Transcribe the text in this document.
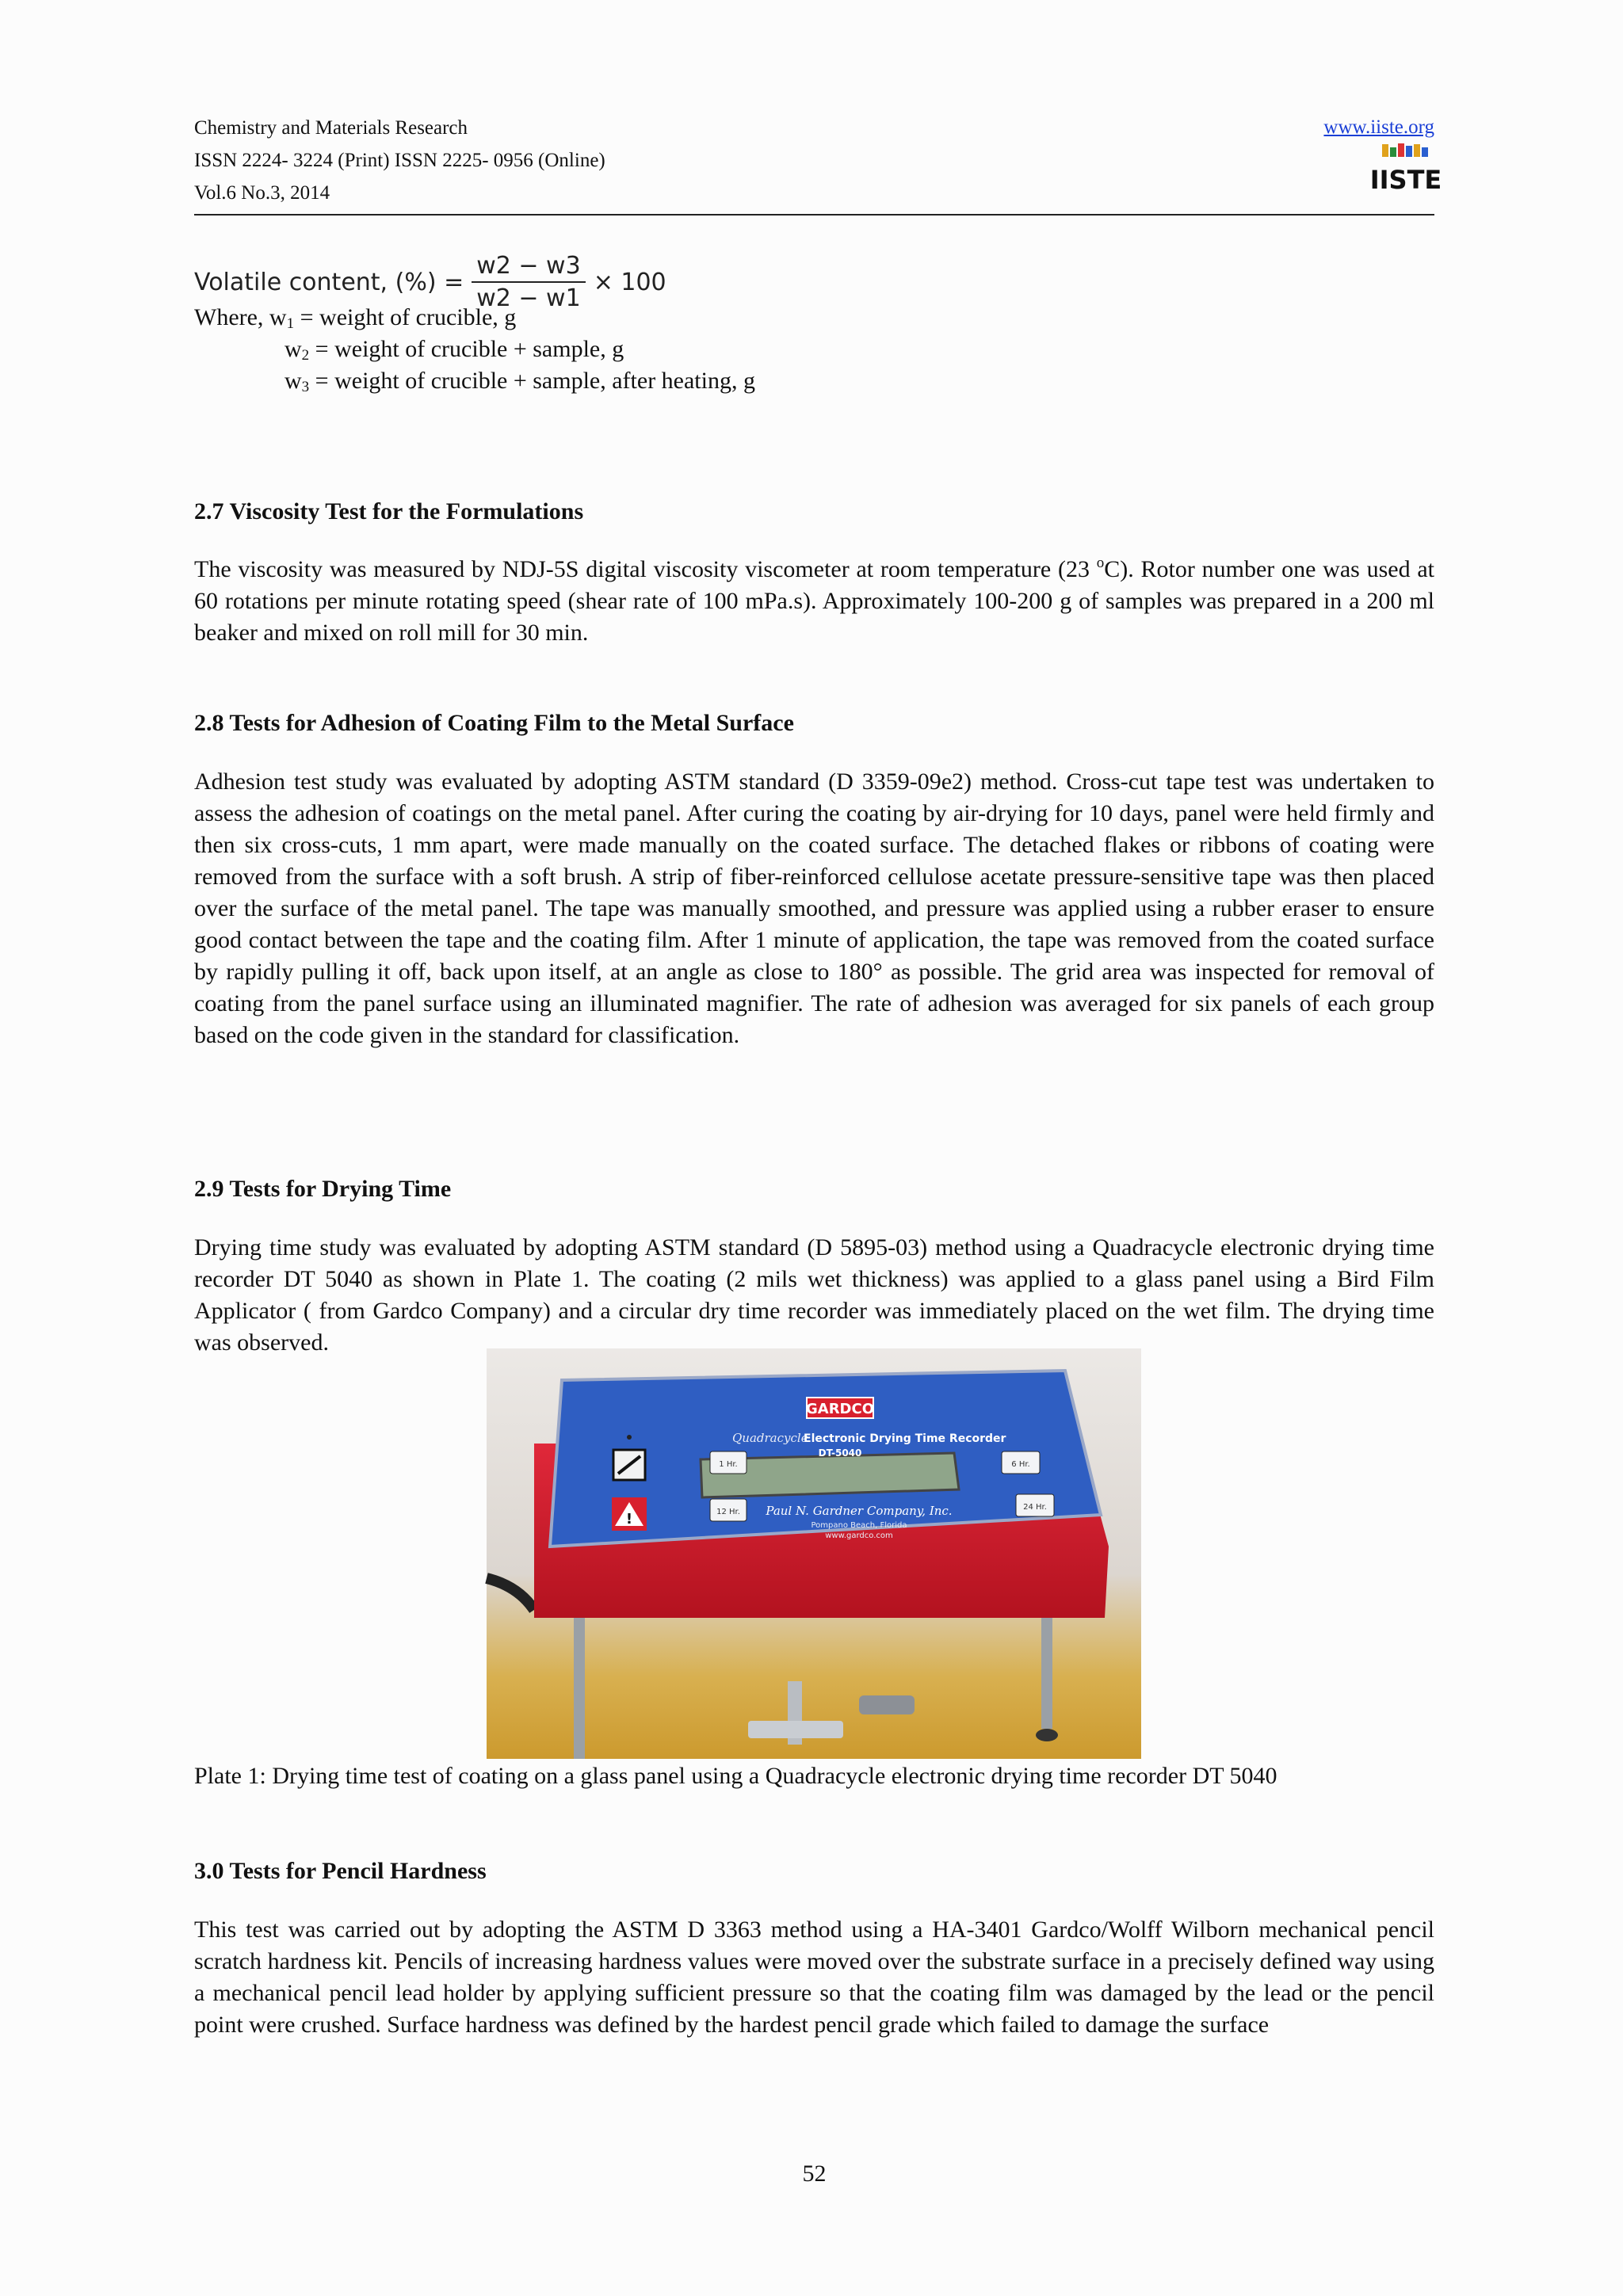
Chemistry and Materials Research
ISSN 2224- 3224 (Print) ISSN 2225- 0956 (Online)
Vol.6 No.3, 2014
www.iiste.org
IISTE
Volatile content, (%) = $\frac{w2 - w3}{w2 - w1} \times 100$
Where, $w_1$ = weight of crucible, g
$w_2$ = weight of crucible + sample, g
$w_3$ = weight of crucible + sample, after heating, g
2.7 Viscosity Test for the Formulations
The viscosity was measured by NDJ-5S digital viscosity viscometer at room temperature (23 $^o$C). Rotor number one was used at 60 rotations per minute rotating speed (shear rate of 100 mPa.s). Approximately 100-200 g of samples was prepared in a 200 ml beaker and mixed on roll mill for 30 min.
2.8 Tests for Adhesion of Coating Film to the Metal Surface
Adhesion test study was evaluated by adopting ASTM standard (D 3359-09e2) method. Cross-cut tape test was undertaken to assess the adhesion of coatings on the metal panel. After curing the coating by air-drying for 10 days, panel were held firmly and then six cross-cuts, 1 mm apart, were made manually on the coated surface. The detached flakes or ribbons of coating were removed from the surface with a soft brush. A strip of fiber-reinforced cellulose acetate pressure-sensitive tape was then placed over the surface of the metal panel. The tape was manually smoothed, and pressure was applied using a rubber eraser to ensure good contact between the tape and the coating film. After 1 minute of application, the tape was removed from the coated surface by rapidly pulling it off, back upon itself, at an angle as close to 180° as possible. The grid area was inspected for removal of coating from the panel surface using an illuminated magnifier. The rate of adhesion was averaged for six panels of each group based on the code given in the standard for classification.
2.9 Tests for Drying Time
Drying time study was evaluated by adopting ASTM standard (D 5895-03) method using a Quadracycle electronic drying time recorder DT 5040 as shown in Plate 1. The coating (2 mils wet thickness) was applied to a glass panel using a Bird Film Applicator ( from Gardco Company) and a circular dry time recorder was immediately placed on the wet film. The drying time was observed.
GARDCO
Quadracycle
Electronic Drying Time Recorder
DT-5040
1 Hr.
12 Hr.
6 Hr.
24 Hr.
!	Paul N. Gardner Company, Inc.
Pompano Beach, Florida
www.gardco.com
Plate 1: Drying time test of coating on a glass panel using a Quadracycle electronic drying time recorder DT 5040
3.0 Tests for Pencil Hardness
This test was carried out by adopting the ASTM D 3363 method using a HA-3401 Gardco/Wolff Wilborn mechanical pencil scratch hardness kit. Pencils of increasing hardness values were moved over the substrate surface in a precisely defined way using a mechanical pencil lead holder by applying sufficient pressure so that the coating film was damaged by the lead or the pencil point were crushed. Surface hardness was defined by the hardest pencil grade which failed to damage the surface
52
